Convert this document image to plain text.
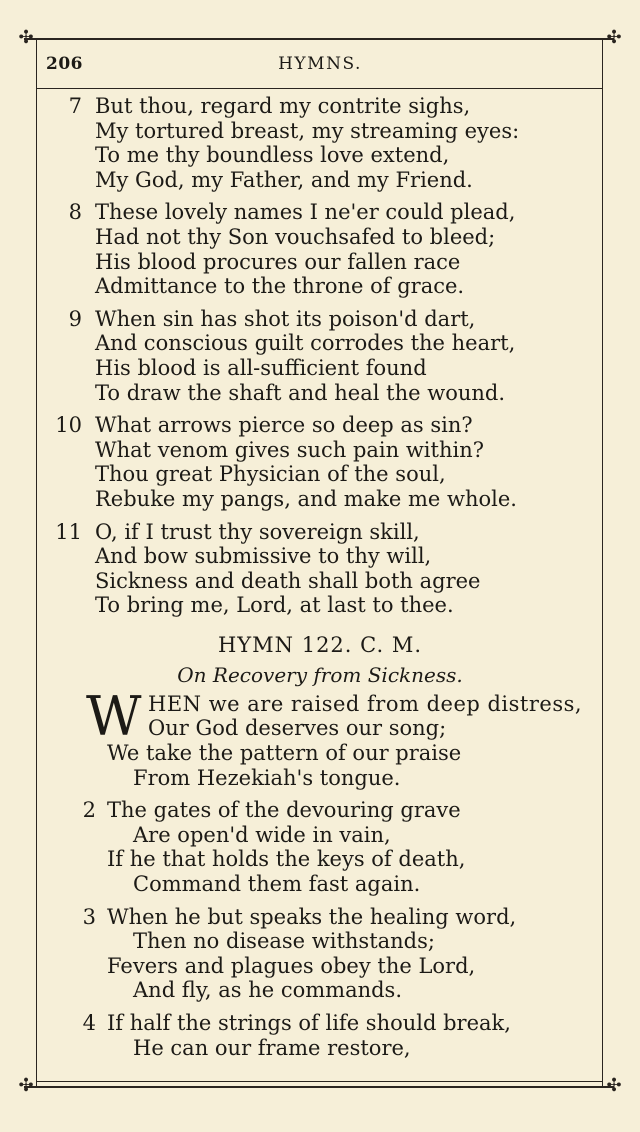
✣	✣
✣	✣
206	HYMNS.
7 But thou, regard my contrite sighs,
My tortured breast, my streaming eyes:
To me thy boundless love extend,
My God, my Father, and my Friend.
8 These lovely names I ne'er could plead,
Had not thy Son vouchsafed to bleed;
His blood procures our fallen race
Admittance to the throne of grace.
9 When sin has shot its poison'd dart,
And conscious guilt corrodes the heart,
His blood is all-sufficient found
To draw the shaft and heal the wound.
10 What arrows pierce so deep as sin?
What venom gives such pain within?
Thou great Physician of the soul,
Rebuke my pangs, and make me whole.
11 O, if I trust thy sovereign skill,
And bow submissive to thy will,
Sickness and death shall both agree
To bring me, Lord, at last to thee.
HYMN 122. C. M.
On Recovery from Sickness.
W HEN we are raised from deep distress,
Our God deserves our song;
We take the pattern of our praise
From Hezekiah's tongue.
2 The gates of the devouring grave
Are open'd wide in vain,
If he that holds the keys of death,
Command them fast again.
3 When he but speaks the healing word,
Then no disease withstands;
Fevers and plagues obey the Lord,
And fly, as he commands.
4 If half the strings of life should break,
He can our frame restore,
